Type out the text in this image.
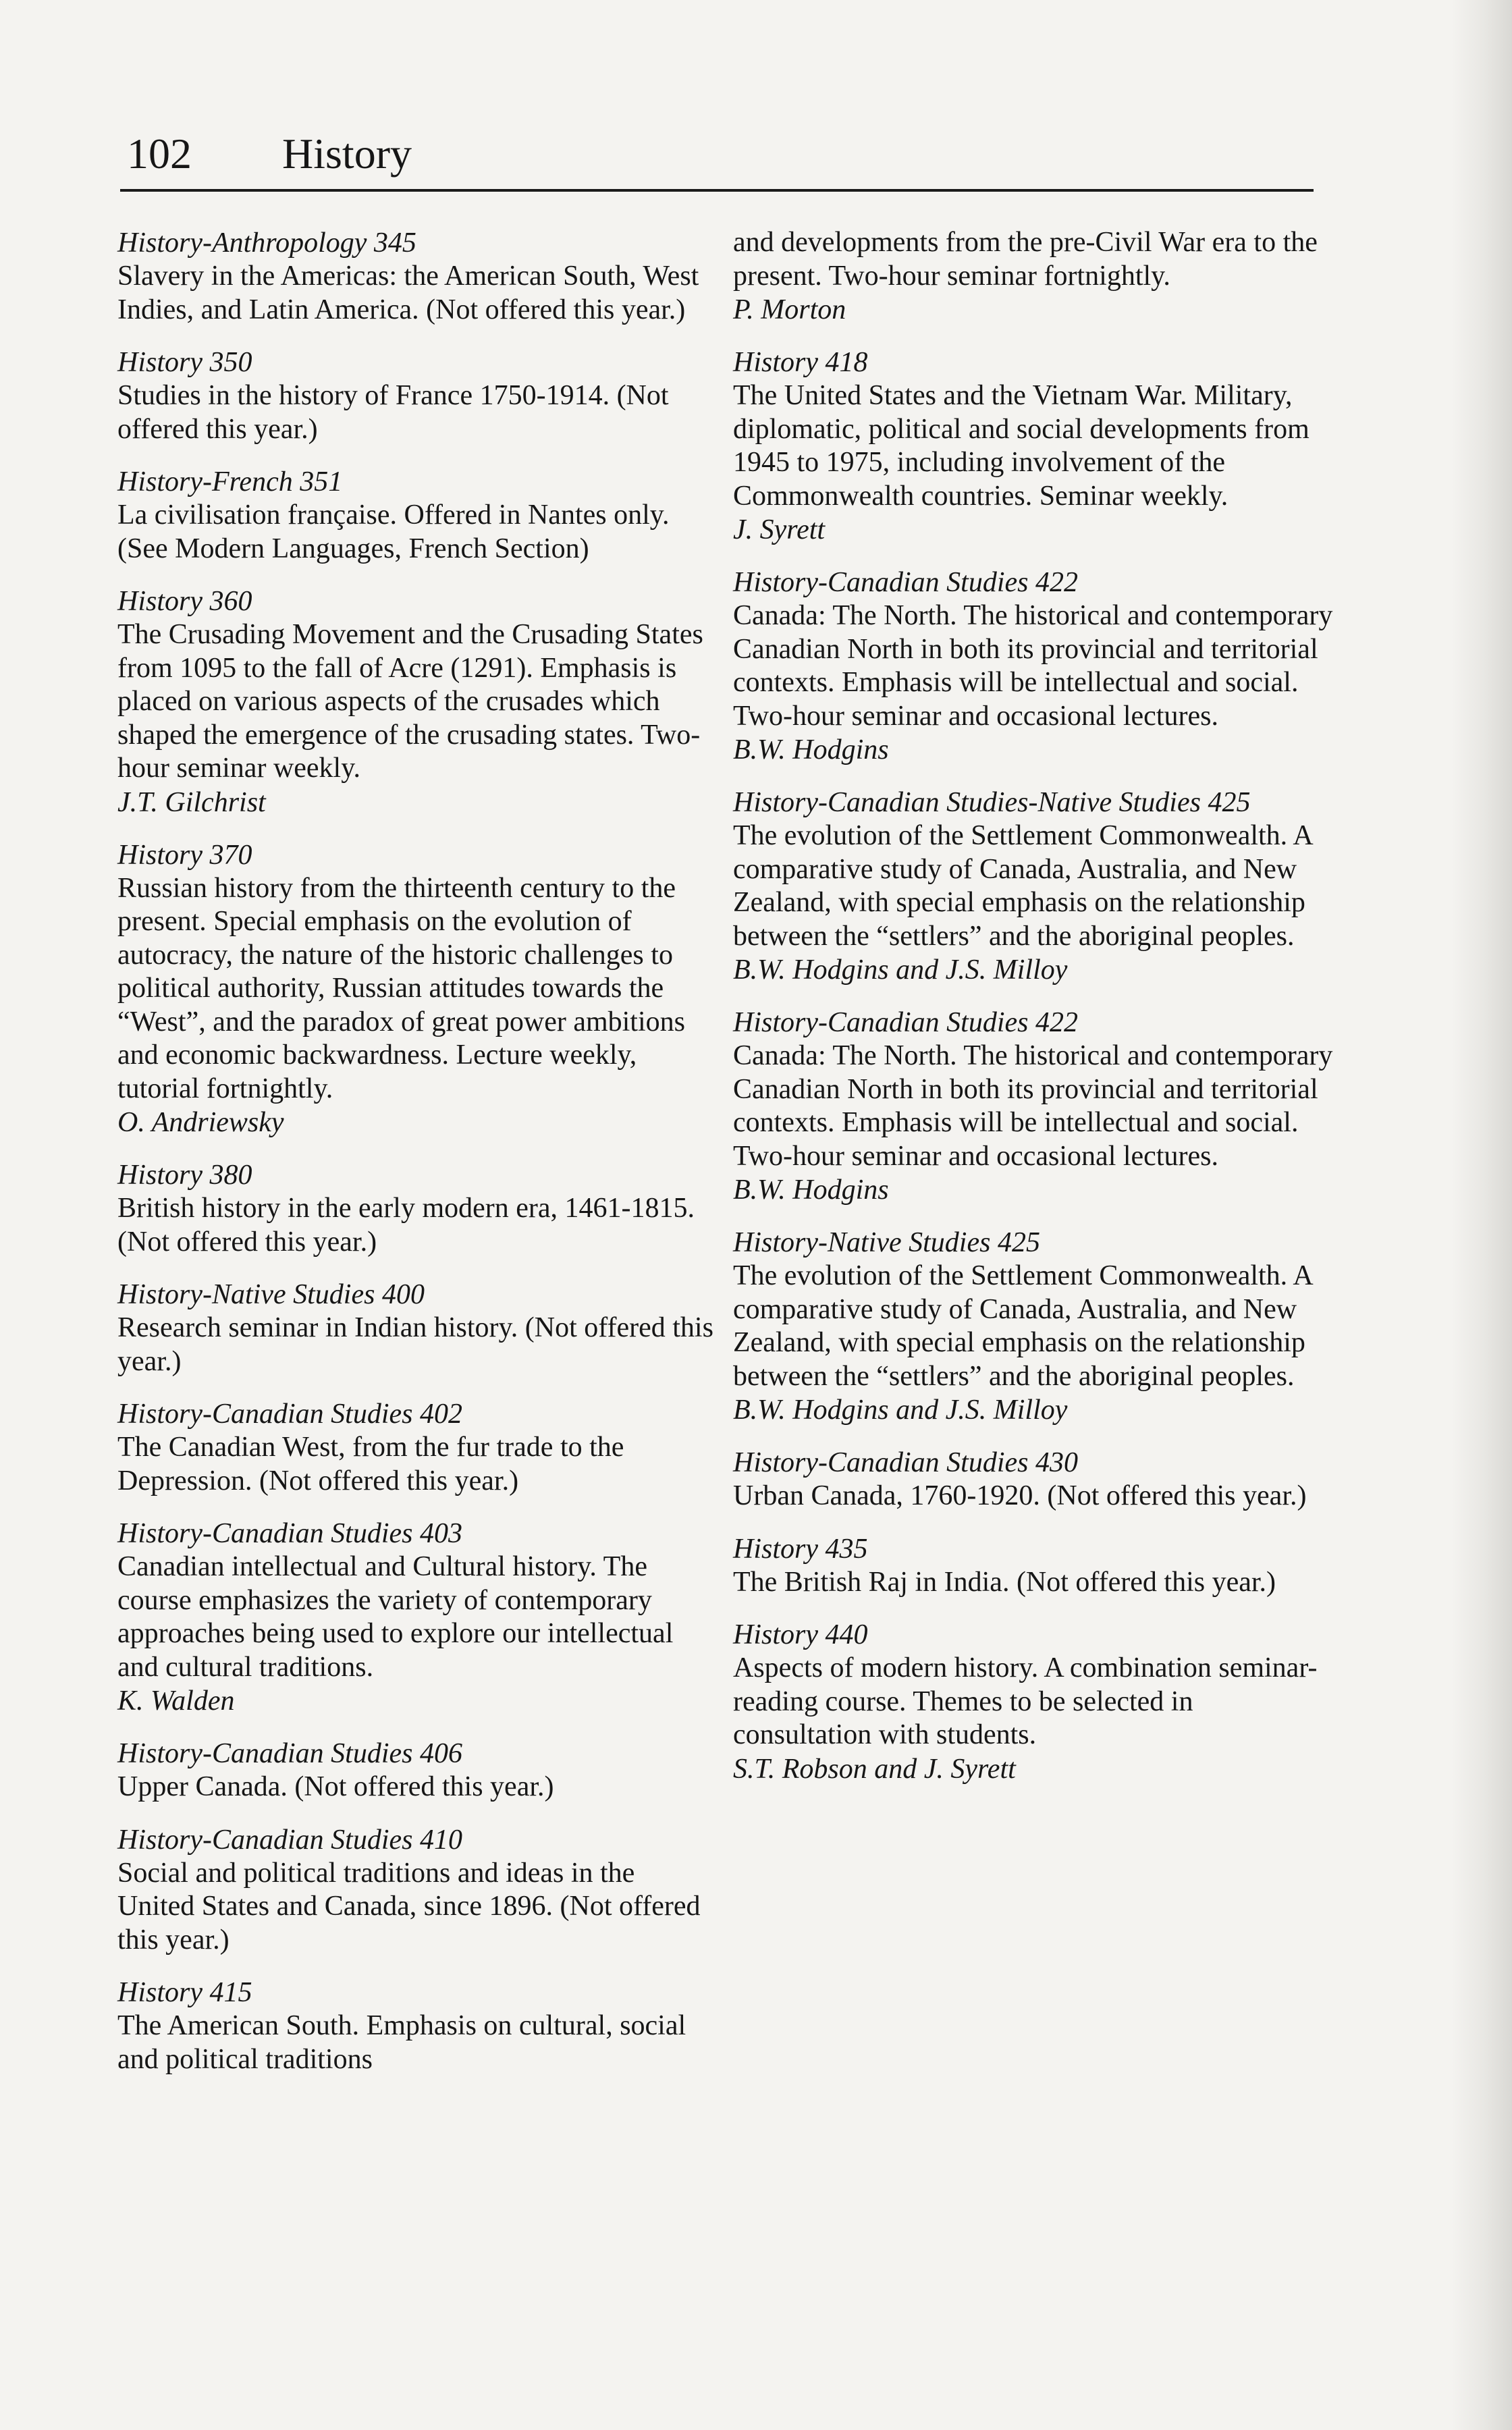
102 History
History-Anthropology 345
Slavery in the Americas: the American South, West Indies, and Latin America. (Not offered this year.)
History 350
Studies in the history of France 1750-1914. (Not offered this year.)
History-French 351
La civilisation française. Offered in Nantes only. (See Modern Languages, French Section)
History 360
The Crusading Movement and the Crusading States from 1095 to the fall of Acre (1291). Emphasis is placed on various aspects of the crusades which shaped the emergence of the crusading states. Two-hour seminar weekly.
J.T. Gilchrist
History 370
Russian history from the thirteenth century to the present. Special emphasis on the evolution of autocracy, the nature of the historic challenges to political authority, Russian attitudes towards the “West”, and the paradox of great power ambitions and economic backwardness. Lecture weekly, tutorial fortnightly.
O. Andriewsky
History 380
British history in the early modern era, 1461-1815. (Not offered this year.)
History-Native Studies 400
Research seminar in Indian history. (Not offered this year.)
History-Canadian Studies 402
The Canadian West, from the fur trade to the Depression. (Not offered this year.)
History-Canadian Studies 403
Canadian intellectual and Cultural history. The course emphasizes the variety of contemporary approaches being used to explore our intellectual and cultural traditions.
K. Walden
History-Canadian Studies 406
Upper Canada. (Not offered this year.)
History-Canadian Studies 410
Social and political traditions and ideas in the United States and Canada, since 1896. (Not offered this year.)
History 415
The American South. Emphasis on cultural, social and political traditions
and developments from the pre-Civil War era to the present. Two-hour seminar fortnightly.
P. Morton
History 418
The United States and the Vietnam War. Military, diplomatic, political and social developments from 1945 to 1975, including involvement of the Commonwealth countries. Seminar weekly.
J. Syrett
History-Canadian Studies 422
Canada: The North. The historical and contemporary Canadian North in both its provincial and territorial contexts. Emphasis will be intellectual and social. Two-hour seminar and occasional lectures.
B.W. Hodgins
History-Canadian Studies-Native Studies 425
The evolution of the Settlement Commonwealth. A comparative study of Canada, Australia, and New Zealand, with special emphasis on the relationship between the “settlers” and the aboriginal peoples.
B.W. Hodgins and J.S. Milloy
History-Canadian Studies 422
Canada: The North. The historical and contemporary Canadian North in both its provincial and territorial contexts. Emphasis will be intellectual and social. Two-hour seminar and occasional lectures.
B.W. Hodgins
History-Native Studies 425
The evolution of the Settlement Commonwealth. A comparative study of Canada, Australia, and New Zealand, with special emphasis on the relationship between the “settlers” and the aboriginal peoples.
B.W. Hodgins and J.S. Milloy
History-Canadian Studies 430
Urban Canada, 1760-1920. (Not offered this year.)
History 435
The British Raj in India. (Not offered this year.)
History 440
Aspects of modern history. A combination seminar-reading course. Themes to be selected in consultation with students.
S.T. Robson and J. Syrett
